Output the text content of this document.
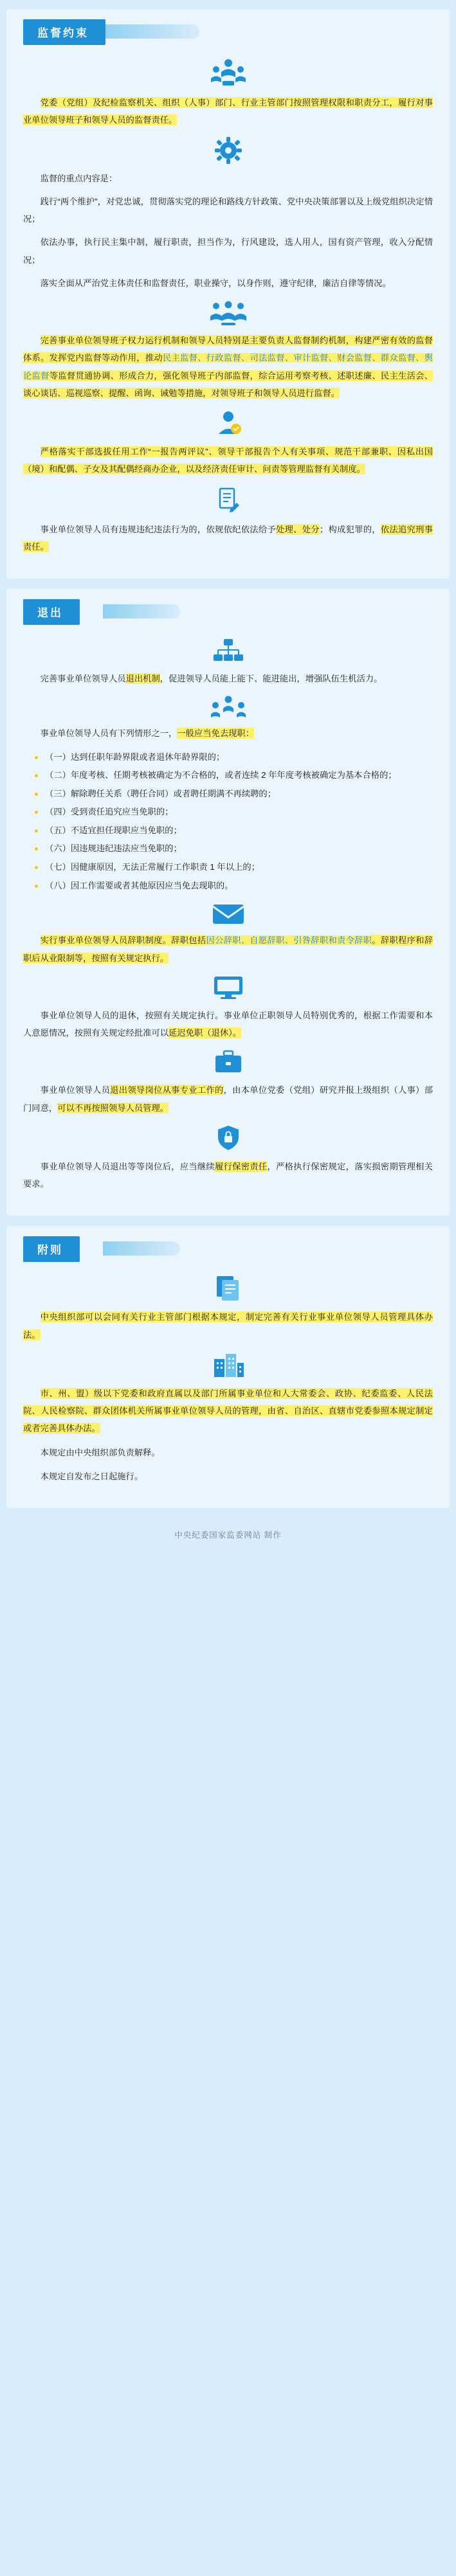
监督约束

党委（党组）及纪检监察机关、组织（人事）部门、行业主管部门按照管理权限和职责分工，履行对事业单位领导班子和领导人员的监督责任。

监督的重点内容是：

践行“两个维护”，对党忠诚，贯彻落实党的理论和路线方针政策、党中央决策部署以及上级党组织决定情况；

依法办事，执行民主集中制，履行职责，担当作为，行风建设，选人用人，国有资产管理，收入分配情况；

落实全面从严治党主体责任和监督责任，职业操守，以身作则，遵守纪律，廉洁自律等情况。

完善事业单位领导班子权力运行机制和领导人员特别是主要负责人监督制约机制，构建严密有效的监督体系。发挥党内监督等动作用，推动民主监督、行政监督、司法监督、审计监督、财会监督、群众监督、舆论监督等监督贯通协调、形成合力，强化领导班子内部监督，综合运用考察考核、述职述廉、民主生活会、谈心谈话、巡视巡察、提醒、函询、诫勉等措施，对领导班子和领导人员进行监督。

严格落实干部选拔任用工作“一报告两评议”、领导干部报告个人有关事项、规范干部兼职、因私出国（境）和配偶、子女及其配偶经商办企业，以及经济责任审计、问责等管理监督有关制度。

事业单位领导人员有违规违纪违法行为的，依规依纪依法给予处理、处分；构成犯罪的，依法追究刑事责任。

退出

完善事业单位领导人员退出机制，促进领导人员能上能下、能进能出，增强队伍生机活力。

事业单位领导人员有下列情形之一，一般应当免去现职：

（一）达到任职年龄界限或者退休年龄界限的；
（二）年度考核、任期考核被确定为不合格的，或者连续 2 年年度考核被确定为基本合格的；
（三）解除聘任关系（聘任合同）或者聘任期满不再续聘的；
（四）受到责任追究应当免职的；
（五）不适宜担任现职应当免职的；
（六）因违规违纪违法应当免职的；
（七）因健康原因，无法正常履行工作职责 1 年以上的；
（八）因工作需要或者其他原因应当免去现职的。

实行事业单位领导人员辞职制度。辞职包括因公辞职、自愿辞职、引咎辞职和责令辞职。辞职程序和辞职后从业限制等，按照有关规定执行。

事业单位领导人员的退休，按照有关规定执行。事业单位正职领导人员特别优秀的，根据工作需要和本人意愿情况，按照有关规定经批准可以延迟免职（退休）。

事业单位领导人员退出领导岗位从事专业工作的，由本单位党委（党组）研究并报上级组织（人事）部门同意，可以不再按照领导人员管理。

事业单位领导人员退出等等岗位后，应当继续履行保密责任，严格执行保密规定，落实损密期管理相关要求。

附则

中央组织部可以会同有关行业主管部门根据本规定，制定完善有关行业事业单位领导人员管理具体办法。

市、州、盟）级以下党委和政府直属以及部门所属事业单位和人大常委会、政协、纪委监委、人民法院、人民检察院、群众团体机关所属事业单位领导人员的管理，由省、自治区、直辖市党委参照本规定制定或者完善具体办法。

本规定由中央组织部负责解释。

本规定自发布之日起施行。

中央纪委国家监委网站 制作
